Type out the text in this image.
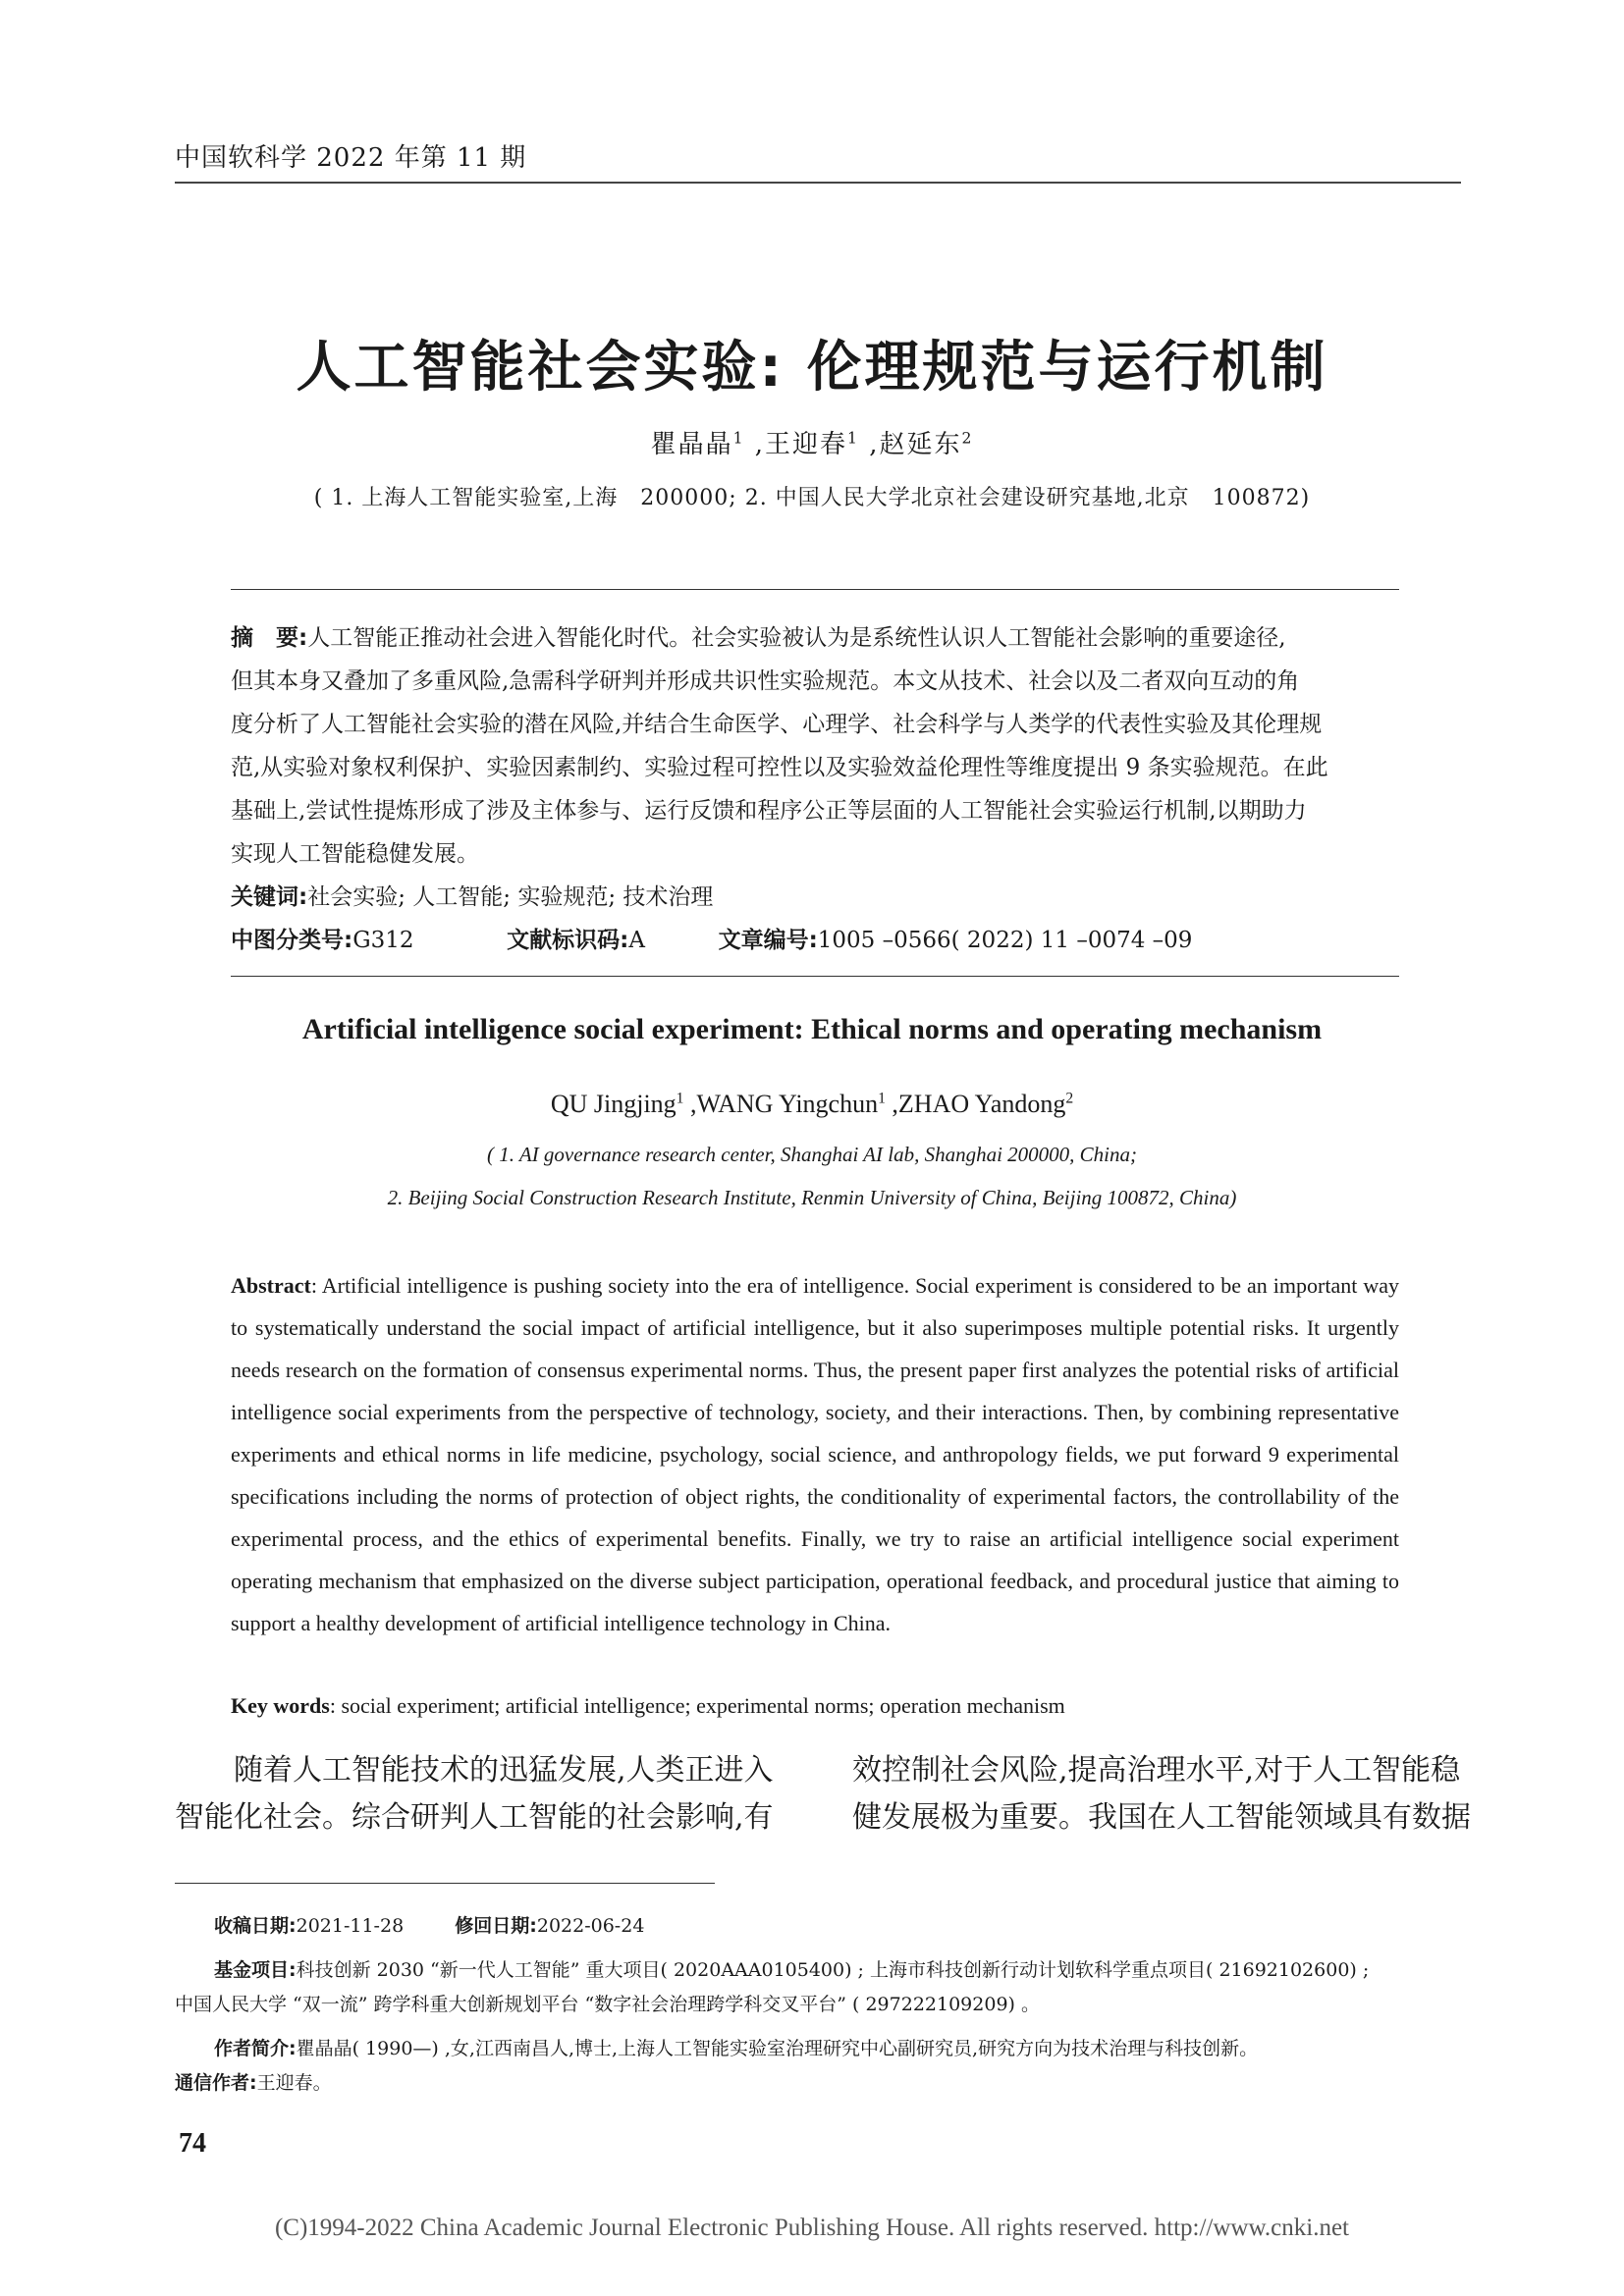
中国软科学 2022 年第 11 期
人工智能社会实验: 伦理规范与运行机制
瞿晶晶$^1$ ,王迎春$^1$ ,赵延东$^2$
( 1. 上海人工智能实验室,上海　200000; 2. 中国人民大学北京社会建设研究基地,北京　100872)
摘　要:人工智能正推动社会进入智能化时代。社会实验被认为是系统性认识人工智能社会影响的重要途径,
但其本身又叠加了多重风险,急需科学研判并形成共识性实验规范。本文从技术、社会以及二者双向互动的角
度分析了人工智能社会实验的潜在风险,并结合生命医学、心理学、社会科学与人类学的代表性实验及其伦理规
范,从实验对象权利保护、实验因素制约、实验过程可控性以及实验效益伦理性等维度提出 9 条实验规范。在此
基础上,尝试性提炼形成了涉及主体参与、运行反馈和程序公正等层面的人工智能社会实验运行机制,以期助力
实现人工智能稳健发展。
关键词:社会实验; 人工智能; 实验规范; 技术治理
中图分类号:G312	文献标识码:A	文章编号:1005 –0566( 2022) 11 –0074 –09
Artificial intelligence social experiment: Ethical norms and operating mechanism
QU Jingjing$^1$ ,WANG Yingchun$^1$ ,ZHAO Yandong$^2$
( 1. AI governance research center, Shanghai AI lab, Shanghai 200000, China;
2. Beijing Social Construction Research Institute, Renmin University of China, Beijing 100872, China)
Abstract: Artificial intelligence is pushing society into the era of intelligence. Social experiment is considered to be an important way to systematically understand the social impact of artificial intelligence, but it also superimposes multiple potential risks. It urgently needs research on the formation of consensus experimental norms. Thus, the present paper first analyzes the potential risks of artificial intelligence social experiments from the perspective of technology, society, and their interactions. Then, by combining representative experiments and ethical norms in life medicine, psychology, social science, and anthropology fields, we put forward 9 experimental specifications including the norms of protection of object rights, the conditionality of experimental factors, the controllability of the experimental process, and the ethics of experimental benefits. Finally, we try to raise an artificial intelligence social experiment operating mechanism that emphasized on the diverse subject participation, operational feedback, and procedural justice that aiming to support a healthy development of artificial intelligence technology in China.
Key words: social experiment; artificial intelligence; experimental norms; operation mechanism
随着人工智能技术的迅猛发展,人类正进入
智能化社会。综合研判人工智能的社会影响,有
效控制社会风险,提高治理水平,对于人工智能稳
健发展极为重要。我国在人工智能领域具有数据
收稿日期:2021-11-28	修回日期:2022-06-24
基金项目:科技创新 2030 “新一代人工智能” 重大项目( 2020AAA0105400) ; 上海市科技创新行动计划软科学重点项目( 21692102600) ;
中国人民大学 “双一流” 跨学科重大创新规划平台 “数字社会治理跨学科交叉平台” ( 297222109209) 。
作者简介:瞿晶晶( 1990—) ,女,江西南昌人,博士,上海人工智能实验室治理研究中心副研究员,研究方向为技术治理与科技创新。
通信作者:王迎春。
74
(C)1994-2022 China Academic Journal Electronic Publishing House. All rights reserved. http://www.cnki.net
